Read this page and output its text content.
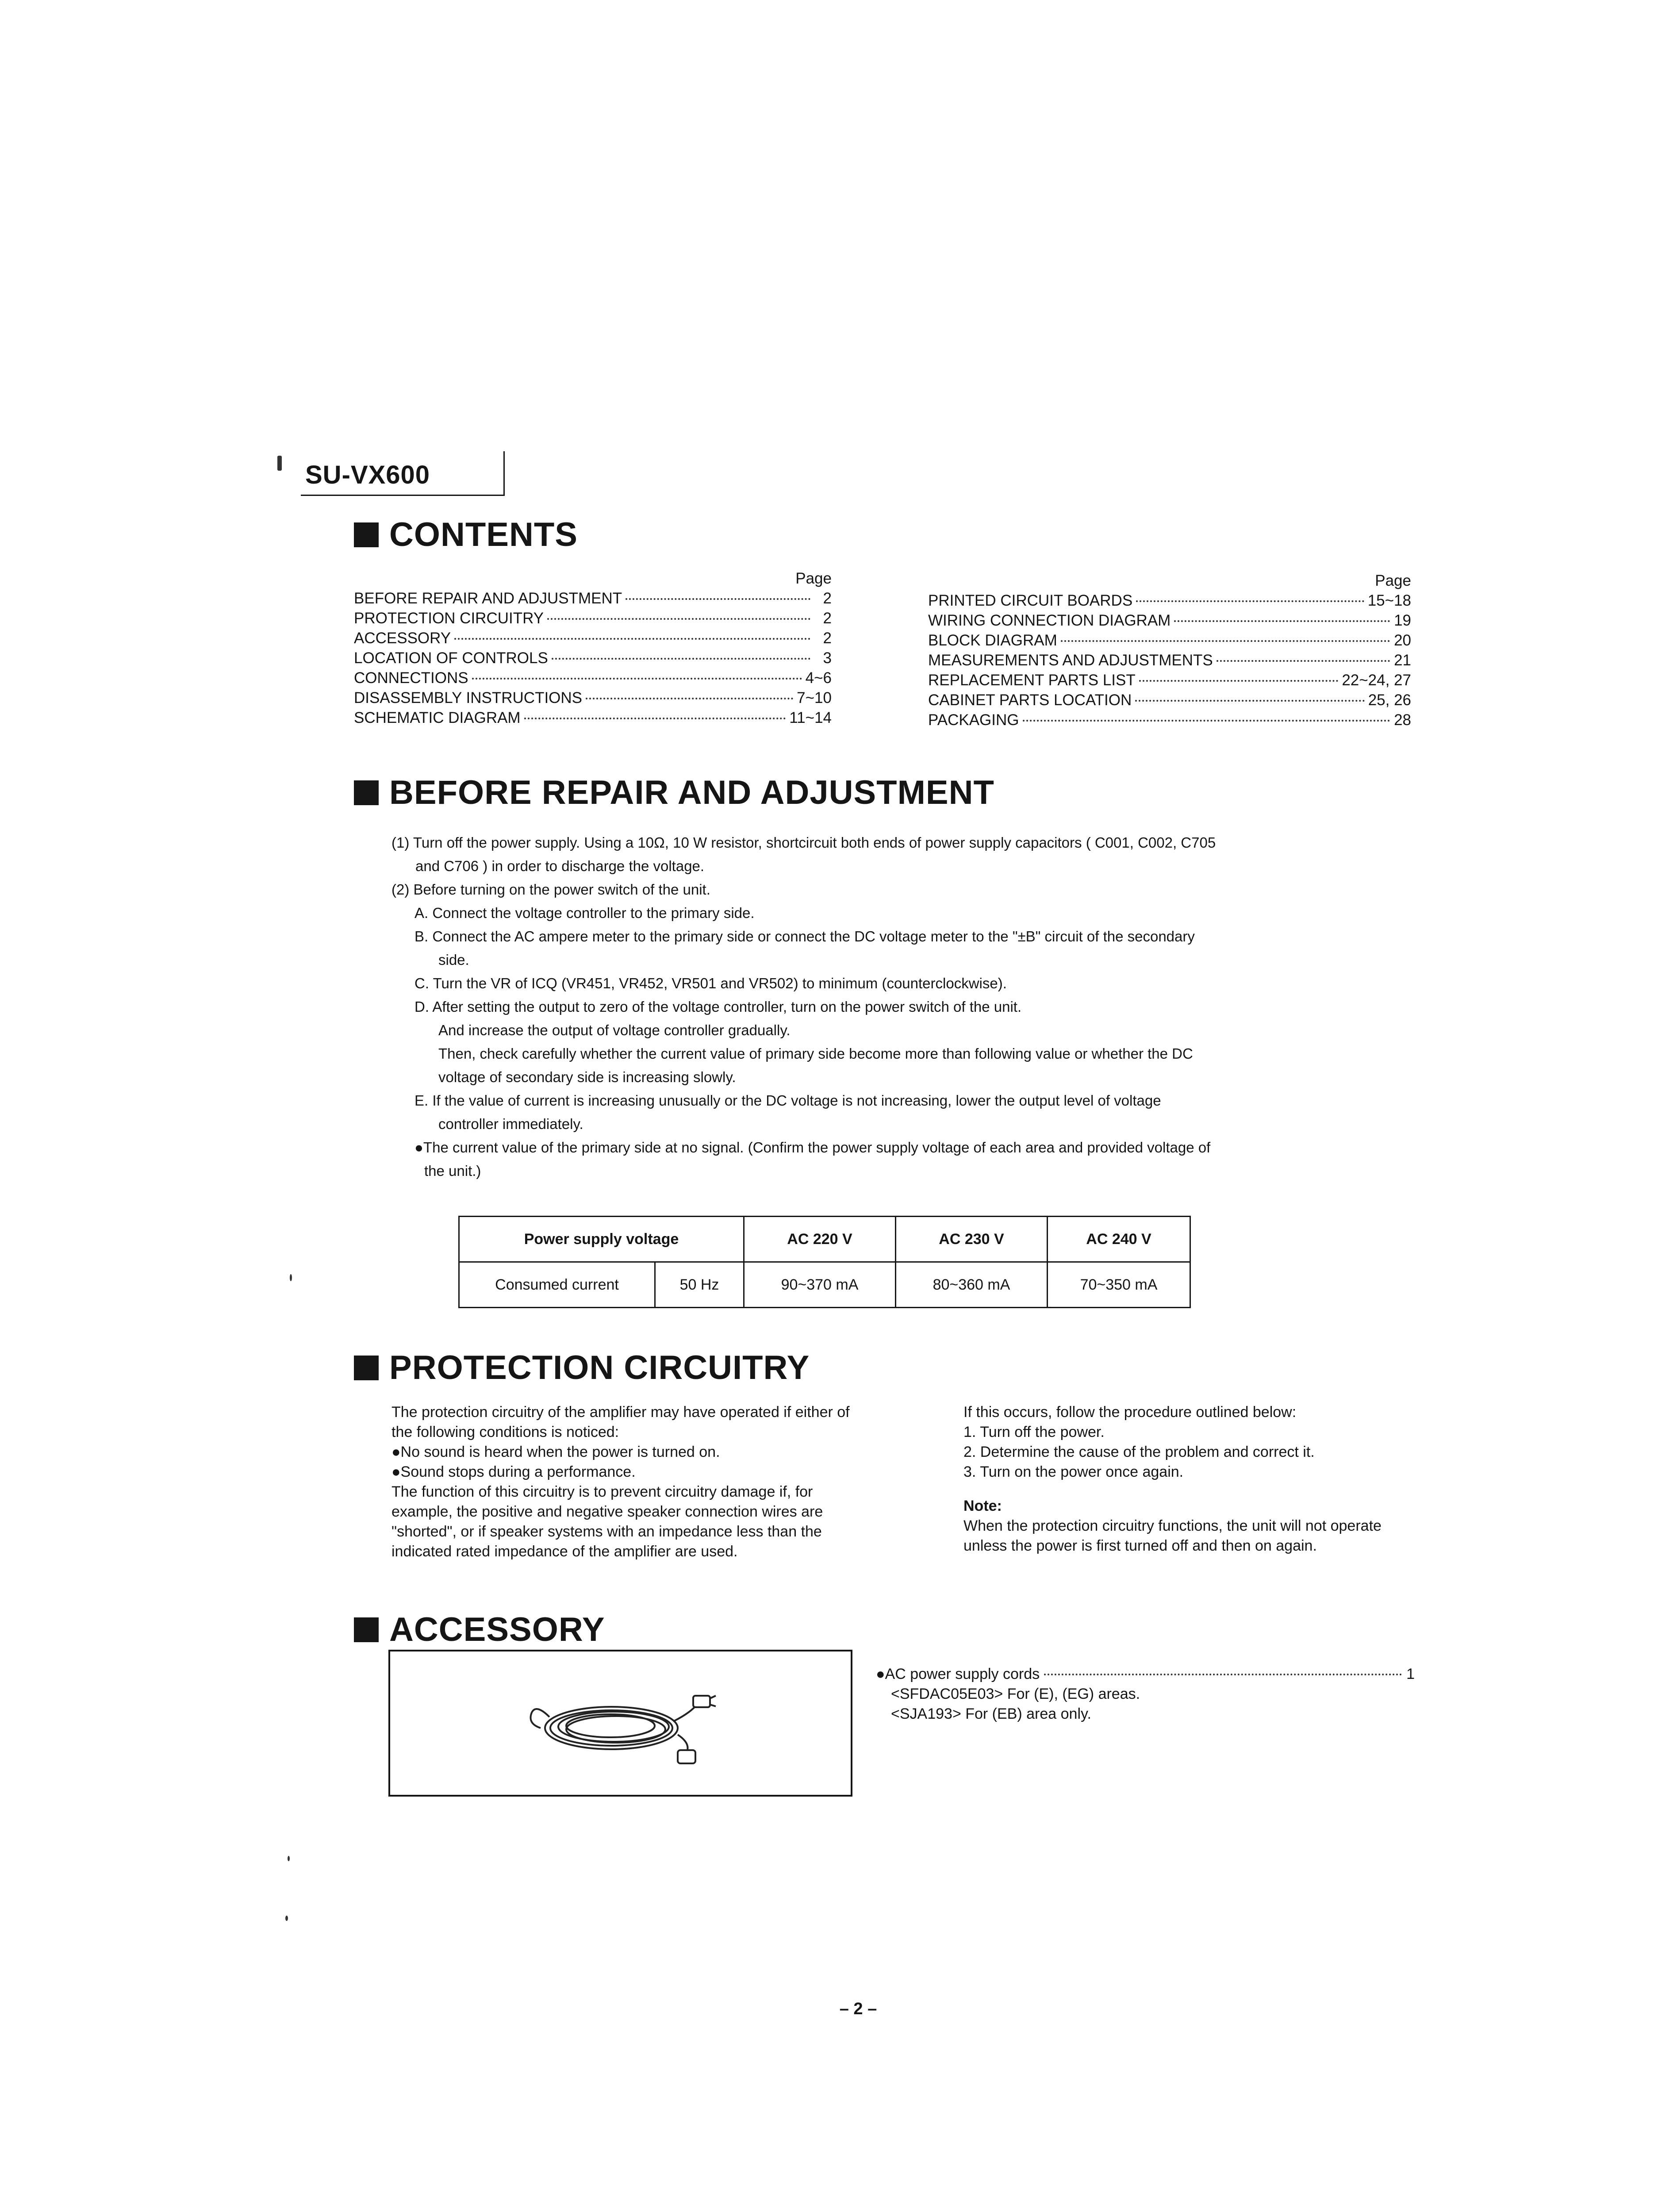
SU-VX600
CONTENTS
Page
BEFORE REPAIR AND ADJUSTMENT	2
PROTECTION CIRCUITRY	2
ACCESSORY	2
LOCATION OF CONTROLS	3
CONNECTIONS	4~6
DISASSEMBLY INSTRUCTIONS	7~10
SCHEMATIC DIAGRAM	11~14
Page
PRINTED CIRCUIT BOARDS	15~18
WIRING CONNECTION DIAGRAM	19
BLOCK DIAGRAM	20
MEASUREMENTS AND ADJUSTMENTS	21
REPLACEMENT PARTS LIST	22~24, 27
CABINET PARTS LOCATION	25, 26
PACKAGING	28
BEFORE REPAIR AND ADJUSTMENT
(1) Turn off the power supply. Using a 10Ω, 10 W resistor, shortcircuit both ends of power supply capacitors ( C001, C002, C705
and C706 ) in order to discharge the voltage.
(2) Before turning on the power switch of the unit.
A. Connect the voltage controller to the primary side.
B. Connect the AC ampere meter to the primary side or connect the DC voltage meter to the "±B" circuit of the secondary
side.
C. Turn the VR of ICQ (VR451, VR452, VR501 and VR502) to minimum (counterclockwise).
D. After setting the output to zero of the voltage controller, turn on the power switch of the unit.
And increase the output of voltage controller gradually.
Then, check carefully whether the current value of primary side become more than following value or whether the DC
voltage of secondary side is increasing slowly.
E. If the value of current is increasing unusually or the DC voltage is not increasing, lower the output level of voltage
controller immediately.
●The current value of the primary side at no signal. (Confirm the power supply voltage of each area and provided voltage of
the unit.)
Power supply voltage		AC 220 V	AC 230 V	AC 240 V
Consumed current	50 Hz	90~370 mA	80~360 mA	70~350 mA
PROTECTION CIRCUITRY
The protection circuitry of the amplifier may have operated if either of
the following conditions is noticed:
●No sound is heard when the power is turned on.
●Sound stops during a performance.
The function of this circuitry is to prevent circuitry damage if, for
example, the positive and negative speaker connection wires are
"shorted", or if speaker systems with an impedance less than the
indicated rated impedance of the amplifier are used.
If this occurs, follow the procedure outlined below:
1. Turn off the power.
2. Determine the cause of the problem and correct it.
3. Turn on the power once again.
Note:
When the protection circuitry functions, the unit will not operate
unless the power is first turned off and then on again.
ACCESSORY
●AC power supply cords	1
<SFDAC05E03> For (E), (EG) areas.
<SJA193> For (EB) area only.
– 2 –
